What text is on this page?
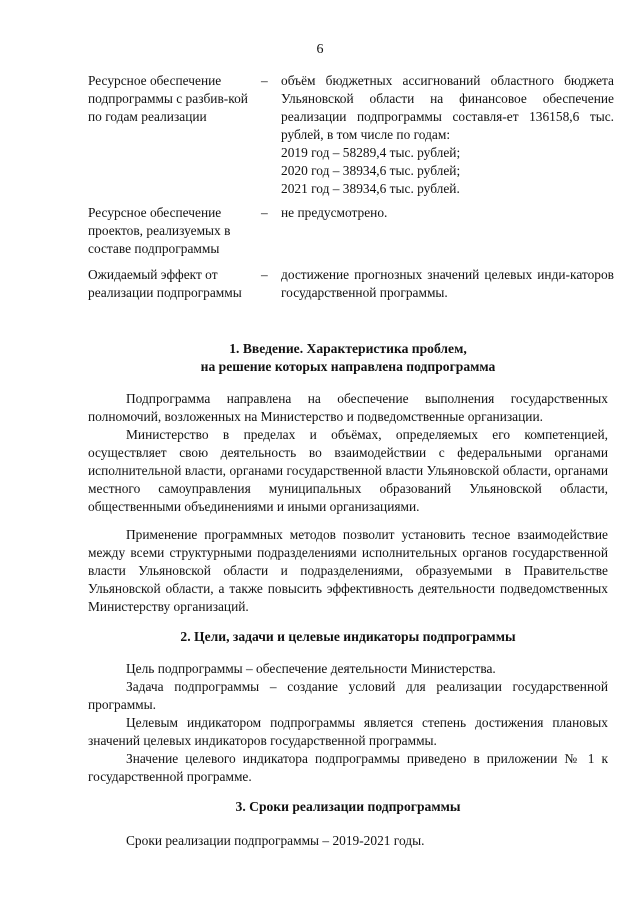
6
Ресурсное обеспечение подпрограммы с разбив-кой по годам реализации
– объём бюджетных ассигнований областного бюджета Ульяновской области на финансовое обеспечение реализации подпрограммы составля-ет 136158,6 тыс. рублей, в том числе по годам:
2019 год – 58289,4 тыс. рублей;
2020 год – 38934,6 тыс. рублей;
2021 год – 38934,6 тыс. рублей.
Ресурсное обеспечение проектов, реализуемых в составе подпрограммы
– не предусмотрено.
Ожидаемый эффект от реализации подпрограммы
– достижение прогнозных значений целевых инди-каторов государственной программы.
1. Введение. Характеристика проблем,
на решение которых направлена подпрограмма

Подпрограмма направлена на обеспечение выполнения государственных полномочий, возложенных на Министерство и подведомственные организации.

Министерство в пределах и объёмах, определяемых его компетенцией, осуществляет свою деятельность во взаимодействии с федеральными органами исполнительной власти, органами государственной власти Ульяновской области, органами местного самоуправления муниципальных образований Ульяновской области, общественными объединениями и иными организациями.

Применение программных методов позволит установить тесное взаимодействие между всеми структурными подразделениями исполнительных органов государственной власти Ульяновской области и подразделениями, образуемыми в Правительстве Ульяновской области, а также повысить эффективность деятельности подведомственных Министерству организаций.

2. Цели, задачи и целевые индикаторы подпрограммы

Цель подпрограммы – обеспечение деятельности Министерства.

Задача подпрограммы – создание условий для реализации государственной программы.

Целевым индикатором подпрограммы является степень достижения плановых значений целевых индикаторов государственной программы.

Значение целевого индикатора подпрограммы приведено в приложении № 1 к государственной программе.

3. Сроки реализации подпрограммы

Сроки реализации подпрограммы – 2019-2021 годы.
